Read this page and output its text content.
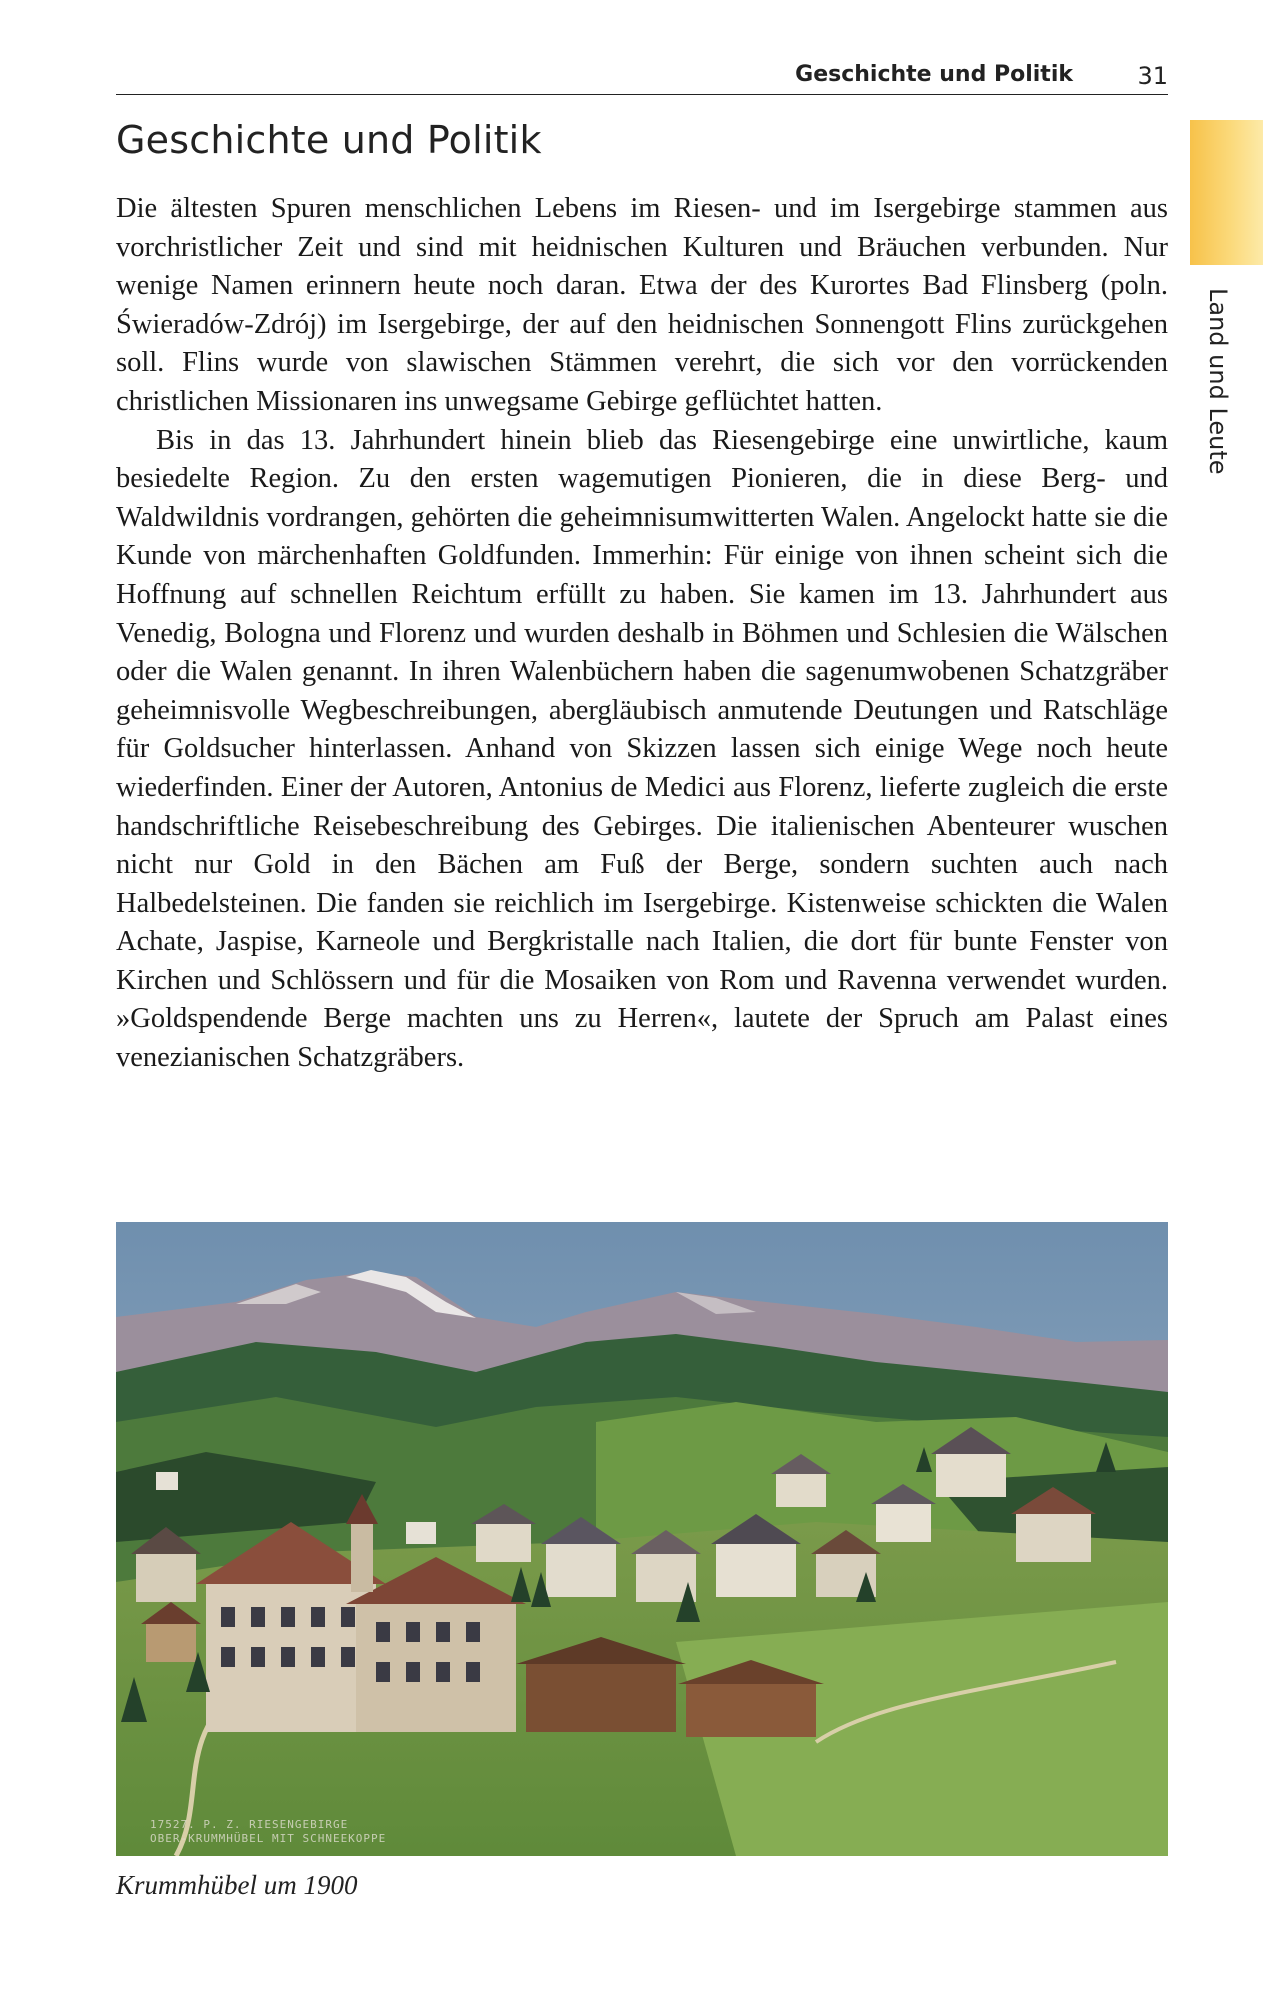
Geschichte und Politik	31
Geschichte und Politik
Land und Leute

Die ältesten Spuren menschlichen Lebens im Riesen- und im Isergebirge stammen aus vorchristlicher Zeit und sind mit heidnischen Kulturen und Bräuchen verbunden. Nur wenige Namen erinnern heute noch daran. Etwa der des Kurortes Bad Flinsberg (poln. Świeradów-Zdrój) im Isergebirge, der auf den heidnischen Sonnengott Flins zurückgehen soll. Flins wurde von slawischen Stämmen verehrt, die sich vor den vorrückenden christlichen Missionaren ins unwegsame Gebirge geflüchtet hatten.

Bis in das 13. Jahrhundert hinein blieb das Riesengebirge eine unwirtliche, kaum besiedelte Region. Zu den ersten wagemutigen Pionieren, die in diese Berg- und Waldwildnis vordrangen, gehörten die geheimnisumwitterten Walen. Angelockt hatte sie die Kunde von märchenhaften Goldfunden. Immerhin: Für einige von ihnen scheint sich die Hoffnung auf schnellen Reichtum erfüllt zu haben. Sie kamen im 13. Jahrhundert aus Venedig, Bologna und Florenz und wurden deshalb in Böhmen und Schlesien die Wälschen oder die Walen genannt. In ihren Walenbüchern haben die sagenumwobenen Schatzgräber geheimnisvolle Wegbeschreibungen, abergläubisch anmutende Deutungen und Ratschläge für Goldsucher hinterlassen. Anhand von Skizzen lassen sich einige Wege noch heute wiederfinden. Einer der Autoren, Antonius de Medici aus Florenz, lieferte zugleich die erste handschriftliche Reisebeschreibung des Gebirges. Die italienischen Abenteurer wuschen nicht nur Gold in den Bächen am Fuß der Berge, sondern suchten auch nach Halbedelsteinen. Die fanden sie reichlich im Isergebirge. Kistenweise schickten die Walen Achate, Jaspise, Karneole und Bergkristalle nach Italien, die dort für bunte Fenster von Kirchen und Schlössern und für die Mosaiken von Rom und Ravenna verwendet wurden. »Goldspendende Berge machten uns zu Herren«, lautete der Spruch am Palast eines venezianischen Schatzgräbers.

17527. P. Z. RIESENGEBIRGE
OBER-KRUMMHÜBEL MIT SCHNEEKOPPE
Krummhübel um 1900
